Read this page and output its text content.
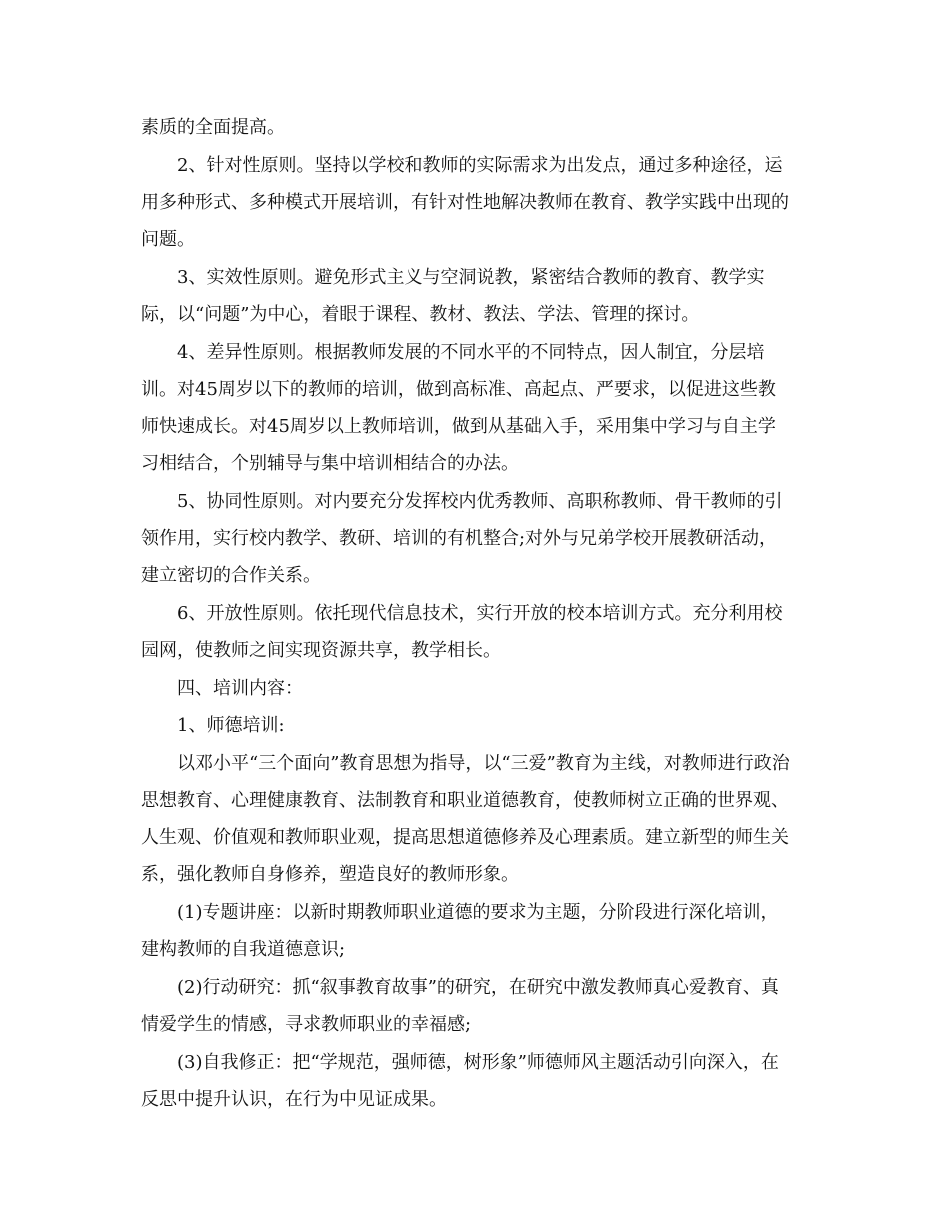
素质的全面提高。

2、针对性原则。坚持以学校和教师的实际需求为出发点，通过多种途径，运

用多种形式、多种模式开展培训，有针对性地解决教师在教育、教学实践中出现的

问题。

3、实效性原则。避免形式主义与空洞说教，紧密结合教师的教育、教学实

际，以“问题”为中心，着眼于课程、教材、教法、学法、管理的探讨。

4、差异性原则。根据教师发展的不同水平的不同特点，因人制宜，分层培

训。对45周岁以下的教师的培训，做到高标准、高起点、严要求，以促进这些教

师快速成长。对45周岁以上教师培训，做到从基础入手，采用集中学习与自主学

习相结合，个别辅导与集中培训相结合的办法。

5、协同性原则。对内要充分发挥校内优秀教师、高职称教师、骨干教师的引

领作用，实行校内教学、教研、培训的有机整合;对外与兄弟学校开展教研活动，

建立密切的合作关系。

6、开放性原则。依托现代信息技术，实行开放的校本培训方式。充分利用校

园网，使教师之间实现资源共享，教学相长。

四、培训内容：

1、师德培训:

以邓小平“三个面向”教育思想为指导，以“三爱”教育为主线，对教师进行政治

思想教育、心理健康教育、法制教育和职业道德教育，使教师树立正确的世界观、

人生观、价值观和教师职业观，提高思想道德修养及心理素质。建立新型的师生关

系，强化教师自身修养，塑造良好的教师形象。

(1)专题讲座：以新时期教师职业道德的要求为主题，分阶段进行深化培训，

建构教师的自我道德意识;

(2)行动研究：抓“叙事教育故事”的研究，在研究中激发教师真心爱教育、真

情爱学生的情感，寻求教师职业的幸福感;

(3)自我修正：把“学规范，强师德，树形象”师德师风主题活动引向深入，在

反思中提升认识，在行为中见证成果。
